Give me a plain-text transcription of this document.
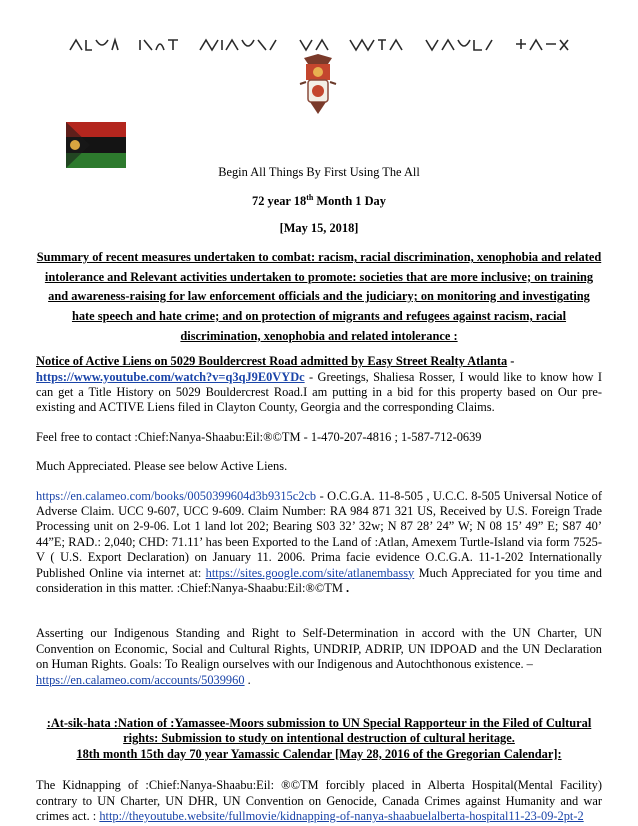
Begin All Things By First Using The All
72 year 18th Month 1 Day
[May 15, 2018]
Summary of recent measures undertaken to combat: racism, racial discrimination, xenophobia and related intolerance and Relevant activities undertaken to promote: societies that are more inclusive; on training and awareness-raising for law enforcement officials and the judiciary; on monitoring and investigating hate speech and hate crime; and on protection of migrants and refugees against racism, racial discrimination, xenophobia and related intolerance :

Notice of Active Liens on 5029 Bouldercrest Road admitted by Easy Street Realty Atlanta -
https://www.youtube.com/watch?v=q3qJ9E0VYDc - Greetings, Shaliesa Rosser, I would like to know how I can get a Title History on 5029 Bouldercrest Road.I am putting in a bid for this property based on Our pre-existing and ACTIVE Liens filed in Clayton County, Georgia and the corresponding Claims.

Feel free to contact :Chief:Nanya-Shaabu:Eil:®©TM - 1-470-207-4816 ; 1-587-712-0639

Much Appreciated. Please see below Active Liens.

https://en.calameo.com/books/0050399604d3b9315c2cb - O.C.G.A. 11-8-505 , U.C.C. 8-505 Universal Notice of Adverse Claim. UCC 9-607, UCC 9-609. Claim Number: RA 984 871 321 US, Received by U.S. Foreign Trade Processing unit on 2-9-06. Lot 1 land lot 202; Bearing S03 32’ 32w; N 87 28’ 24” W; N 08 15’ 49” E; S87 40’ 44”E; RAD.: 2,040; CHD: 71.11’ has been Exported to the Land of :Atlan, Amexem Turtle-Island via form 7525-V ( U.S. Export Declaration) on January 11. 2006. Prima facie evidence O.C.G.A. 11-1-202 Internationally Published Online via internet at: https://sites.google.com/site/atlanembassy Much Appreciated for you time and consideration in this matter. :Chief:Nanya-Shaabu:Eil:®©TM .

Asserting our Indigenous Standing and Right to Self-Determination in accord with the UN Charter, UN Convention on Economic, Social and Cultural Rights, UNDRIP, ADRIP, UN IDPOAD and the UN Declaration on Human Rights. Goals: To Realign ourselves with our Indigenous and Autochthonous existence. –
https://en.calameo.com/accounts/5039960 .

:At-sik-hata :Nation of :Yamassee-Moors submission to UN Special Rapporteur in the Filed of Cultural rights: Submission to study on intentional destruction of cultural heritage.
18th month 15th day 70 year Yamassic Calendar [May 28, 2016 of the Gregorian Calendar]:

The Kidnapping of :Chief:Nanya-Shaabu:Eil: ®©TM forcibly placed in Alberta Hospital(Mental Facility) contrary to UN Charter, UN DHR, UN Convention on Genocide, Canada Crimes against Humanity and war crimes act. : http://theyoutube.website/fullmovie/kidnapping-of-nanya-shaabuelalberta-hospital11-23-09-2pt-2
